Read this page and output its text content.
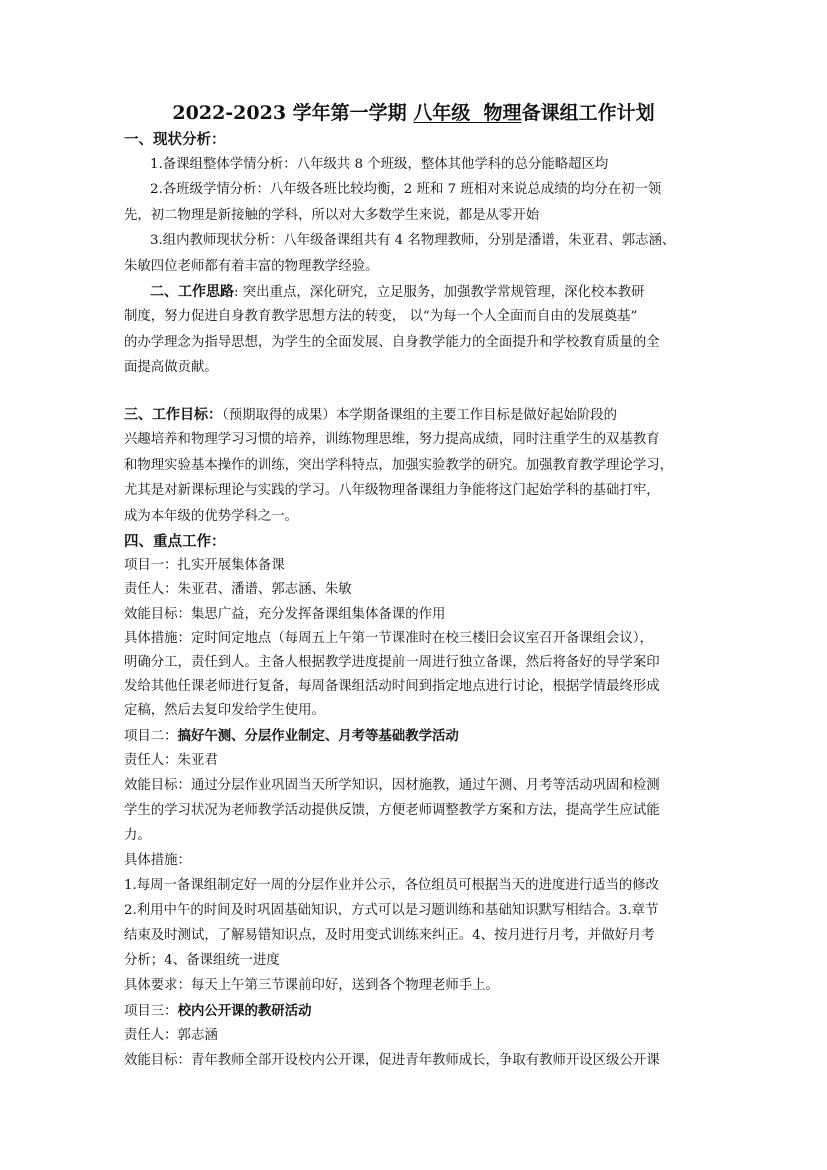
2022-2023 学年第一学期 八年级 物理备课组工作计划
一、现状分析：
1.备课组整体学情分析：八年级共 8 个班级，整体其他学科的总分能略超区均
2.各班级学情分析：八年级各班比较均衡，2 班和 7 班相对来说总成绩的均分在初一领
先，初二物理是新接触的学科，所以对大多数学生来说，都是从零开始
3.组内教师现状分析：八年级备课组共有 4 名物理教师，分别是潘谱，朱亚君、郭志涵、
朱敏四位老师都有着丰富的物理教学经验。
二、工作思路: 突出重点，深化研究，立足服务，加强教学常规管理，深化校本教研
制度，努力促进自身教育教学思想方法的转变， 以“为每一个人全面而自由的发展奠基”
的办学理念为指导思想，为学生的全面发展、自身教学能力的全面提升和学校教育质量的全
面提高做贡献。
三、工作目标：（预期取得的成果）本学期备课组的主要工作目标是做好起始阶段的
兴趣培养和物理学习习惯的培养，训练物理思维，努力提高成绩，同时注重学生的双基教育
和物理实验基本操作的训练，突出学科特点，加强实验教学的研究。加强教育教学理论学习，
尤其是对新课标理论与实践的学习。八年级物理备课组力争能将这门起始学科的基础打牢，
成为本年级的优势学科之一。
四、重点工作：
项目一：扎实开展集体备课
责任人：朱亚君、潘谱、郭志涵、朱敏
效能目标：集思广益，充分发挥备课组集体备课的作用
具体措施：定时间定地点（每周五上午第一节课准时在校三楼旧会议室召开备课组会议），
明确分工，责任到人。主备人根据教学进度提前一周进行独立备课，然后将备好的导学案印
发给其他任课老师进行复备，每周备课组活动时间到指定地点进行讨论，根据学情最终形成
定稿，然后去复印发给学生使用。
项目二：搞好午测、分层作业制定、月考等基础教学活动
责任人：朱亚君
效能目标：通过分层作业巩固当天所学知识，因材施教，通过午测、月考等活动巩固和检测
学生的学习状况为老师教学活动提供反馈，方便老师调整教学方案和方法，提高学生应试能
力。
具体措施：
1.每周一备课组制定好一周的分层作业并公示，各位组员可根据当天的进度进行适当的修改
2.利用中午的时间及时巩固基础知识，方式可以是习题训练和基础知识默写相结合。3.章节
结束及时测试，了解易错知识点，及时用变式训练来纠正。4、按月进行月考，并做好月考
分析；4、备课组统一进度
具体要求：每天上午第三节课前印好，送到各个物理老师手上。
项目三：校内公开课的教研活动
责任人：郭志涵
效能目标：青年教师全部开设校内公开课，促进青年教师成长，争取有教师开设区级公开课
